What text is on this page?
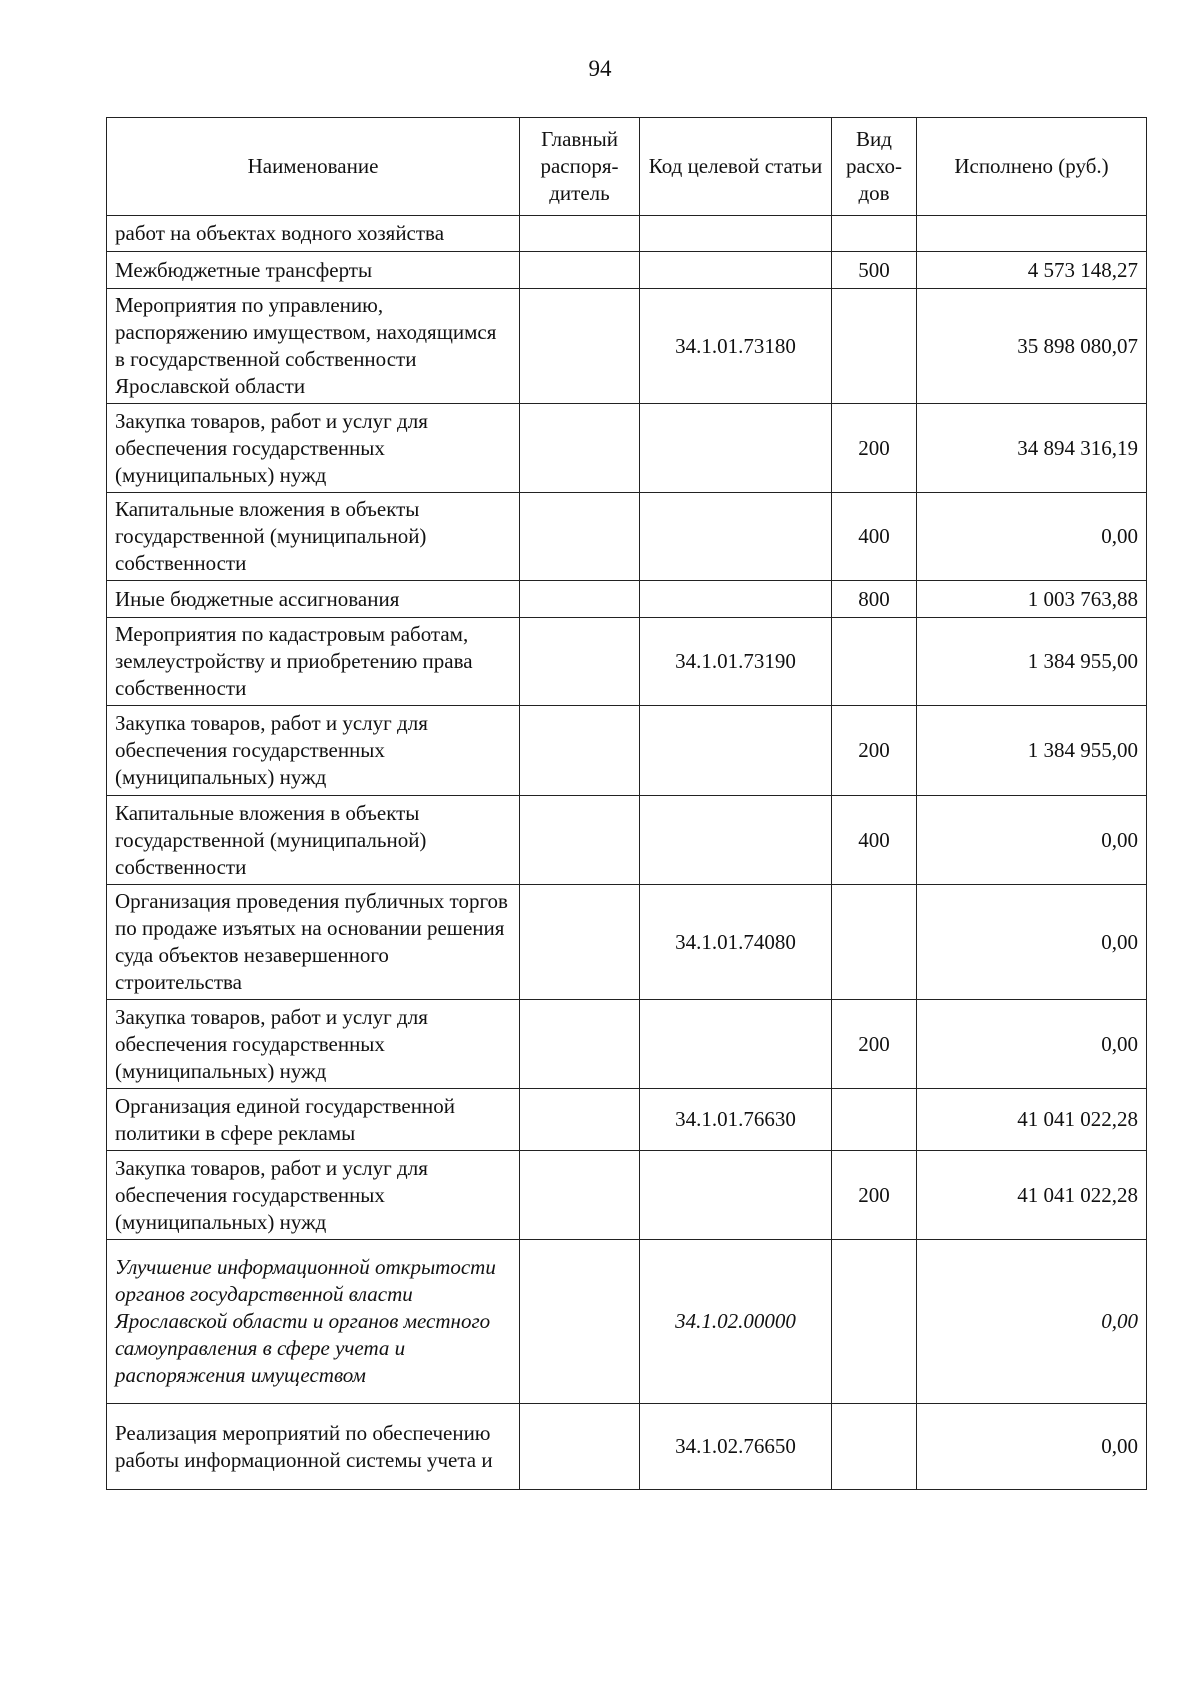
94
Наименование	Главный распоря-дитель	Код целевой статьи	Вид расхо-дов	Исполнено (руб.)
работ на объектах водного хозяйства				
Межбюджетные трансферты			500	4 573 148,27
Мероприятия по управлению, распоряжению имуществом, находящимся в государственной собственности Ярославской области		34.1.01.73180		35 898 080,07
Закупка товаров, работ и услуг для обеспечения государственных (муниципальных) нужд			200	34 894 316,19
Капитальные вложения в объекты государственной (муниципальной) собственности			400	0,00
Иные бюджетные ассигнования			800	1 003 763,88
Мероприятия по кадастровым работам, землеустройству и приобретению права собственности		34.1.01.73190		1 384 955,00
Закупка товаров, работ и услуг для обеспечения государственных (муниципальных) нужд			200	1 384 955,00
Капитальные вложения в объекты государственной (муниципальной) собственности			400	0,00
Организация проведения публичных торгов по продаже изъятых на основании решения суда объектов незавершенного строительства		34.1.01.74080		0,00
Закупка товаров, работ и услуг для обеспечения государственных (муниципальных) нужд			200	0,00
Организация единой государственной политики в сфере рекламы		34.1.01.76630		41 041 022,28
Закупка товаров, работ и услуг для обеспечения государственных (муниципальных) нужд			200	41 041 022,28
Улучшение информационной открытости органов государственной власти Ярославской области и органов местного самоуправления в сфере учета и распоряжения имуществом		34.1.02.00000		0,00
Реализация мероприятий по обеспечению работы информационной системы учета и		34.1.02.76650		0,00
